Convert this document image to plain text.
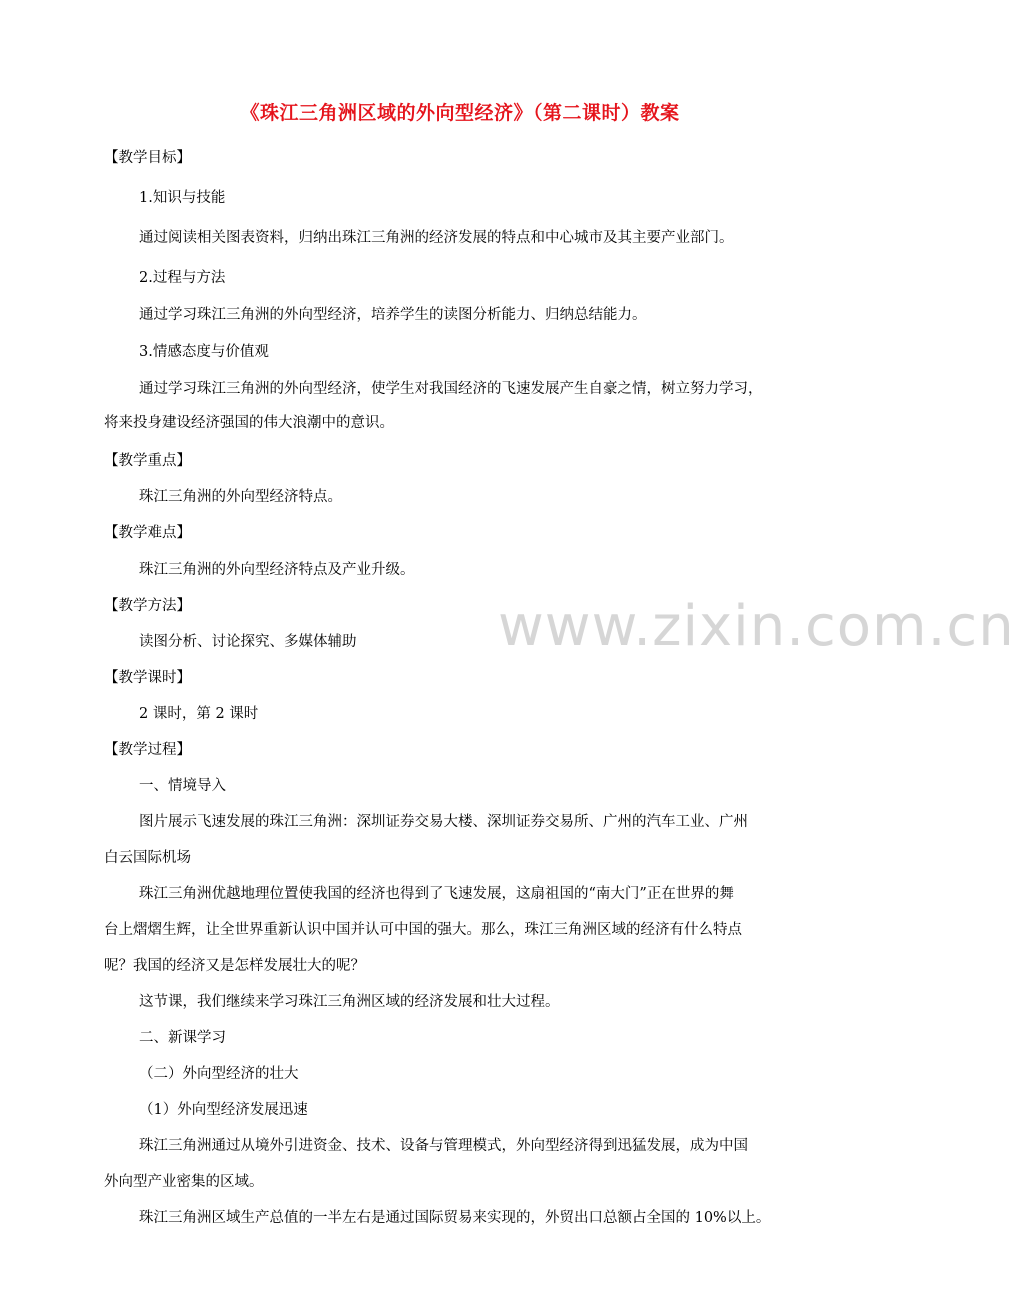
www.zixin.com.cn
《珠江三角洲区域的外向型经济》（第二课时）教案
【教学目标】
1.知识与技能
通过阅读相关图表资料，归纳出珠江三角洲的经济发展的特点和中心城市及其主要产业部门。
2.过程与方法
通过学习珠江三角洲的外向型经济，培养学生的读图分析能力、归纳总结能力。
3.情感态度与价值观
通过学习珠江三角洲的外向型经济，使学生对我国经济的飞速发展产生自豪之情，树立努力学习，
将来投身建设经济强国的伟大浪潮中的意识。
【教学重点】
珠江三角洲的外向型经济特点。
【教学难点】
珠江三角洲的外向型经济特点及产业升级。
【教学方法】
读图分析、讨论探究、多媒体辅助
【教学课时】
2 课时，第 2 课时
【教学过程】
一、情境导入
图片展示飞速发展的珠江三角洲：深圳证券交易大楼、深圳证券交易所、广州的汽车工业、广州
白云国际机场
珠江三角洲优越地理位置使我国的经济也得到了飞速发展，这扇祖国的“南大门”正在世界的舞
台上熠熠生辉，让全世界重新认识中国并认可中国的强大。那么，珠江三角洲区域的经济有什么特点
呢？我国的经济又是怎样发展壮大的呢？
这节课，我们继续来学习珠江三角洲区域的经济发展和壮大过程。
二、新课学习
（二）外向型经济的壮大
（1）外向型经济发展迅速
珠江三角洲通过从境外引进资金、技术、设备与管理模式，外向型经济得到迅猛发展，成为中国
外向型产业密集的区域。
珠江三角洲区域生产总值的一半左右是通过国际贸易来实现的，外贸出口总额占全国的 10%以上。
